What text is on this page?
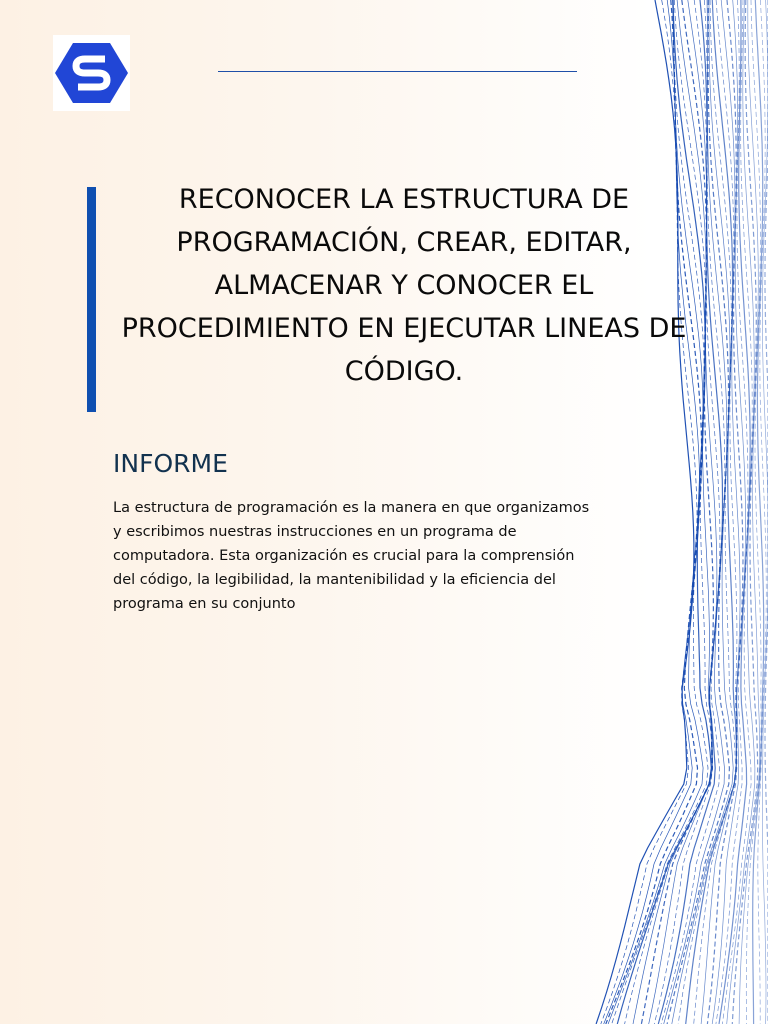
RECONOCER LA ESTRUCTURA DE PROGRAMACIÓN, CREAR, EDITAR, ALMACENAR Y CONOCER EL PROCEDIMIENTO EN EJECUTAR LINEAS DE CÓDIGO.
INFORME

La estructura de programación es la manera en que organizamos y escribimos nuestras instrucciones en un programa de computadora. Esta organización es crucial para la comprensión del código, la legibilidad, la mantenibilidad y la eficiencia del programa en su conjunto
